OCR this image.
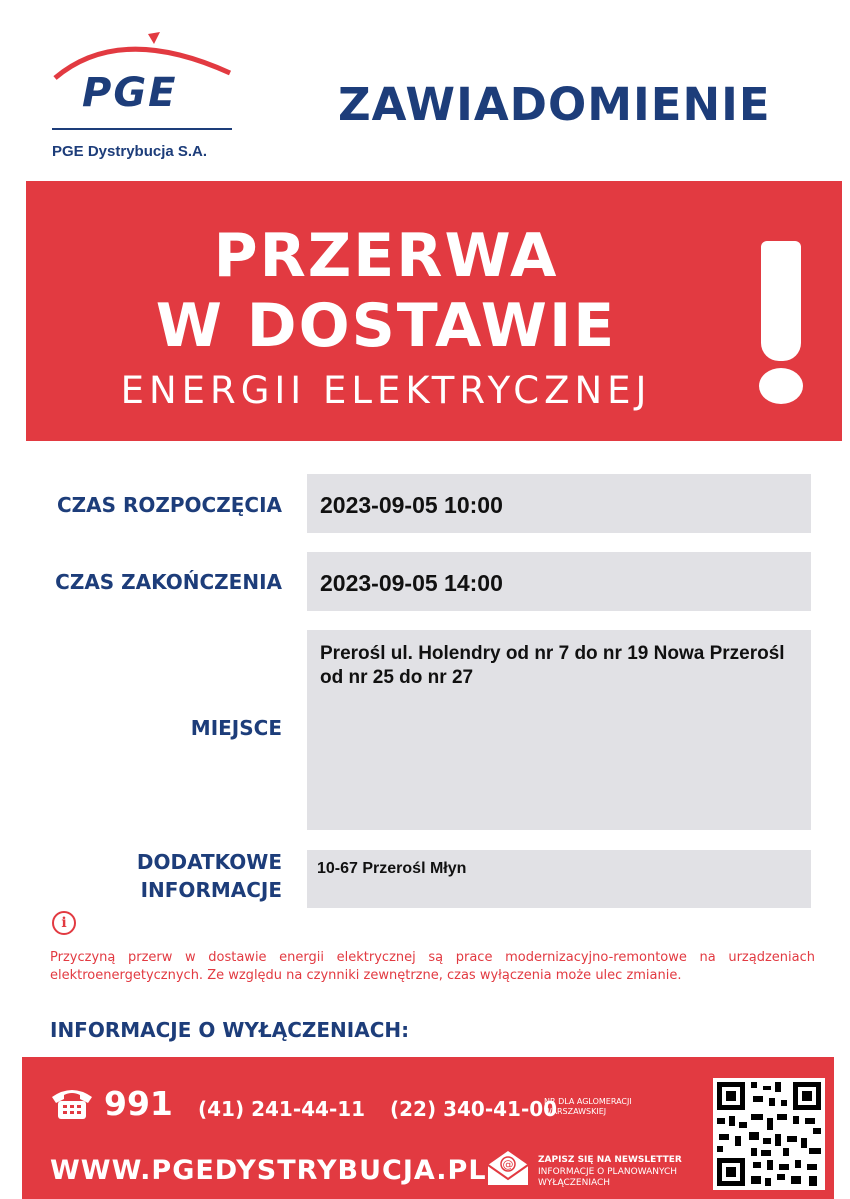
PGE
PGE Dystrybucja S.A.
ZAWIADOMIENIE
PRZERWA
W DOSTAWIE
ENERGII ELEKTRYCZNEJ
CZAS ROZPOCZĘCIA 2023-09-05 10:00
CZAS ZAKOŃCZENIA 2023-09-05 14:00
MIEJSCE
Prerośl ul. Holendry od nr 7 do nr 19 Nowa Przerośl od nr 25 do nr 27
DODATKOWE
INFORMACJE
10-67 Przerośl Młyn
i
Przyczyną przerw w dostawie energii elektrycznej są prace modernizacyjno-remontowe na urządzeniach elektroenergetycznych. Ze względu na czynniki zewnętrzne, czas wyłączenia może ulec zmianie.
INFORMACJE O WYŁĄCZENIACH:
991 (41) 241-44-11 (22) 340-41-00
NR DLA AGLOMERACJI WARSZAWSKIEJ
WWW.PGEDYSTRYBUCJA.PL @	ZAPISZ SIĘ NA NEWSLETTER
INFORMACJE O PLANOWANYCH WYŁĄCZENIACH
